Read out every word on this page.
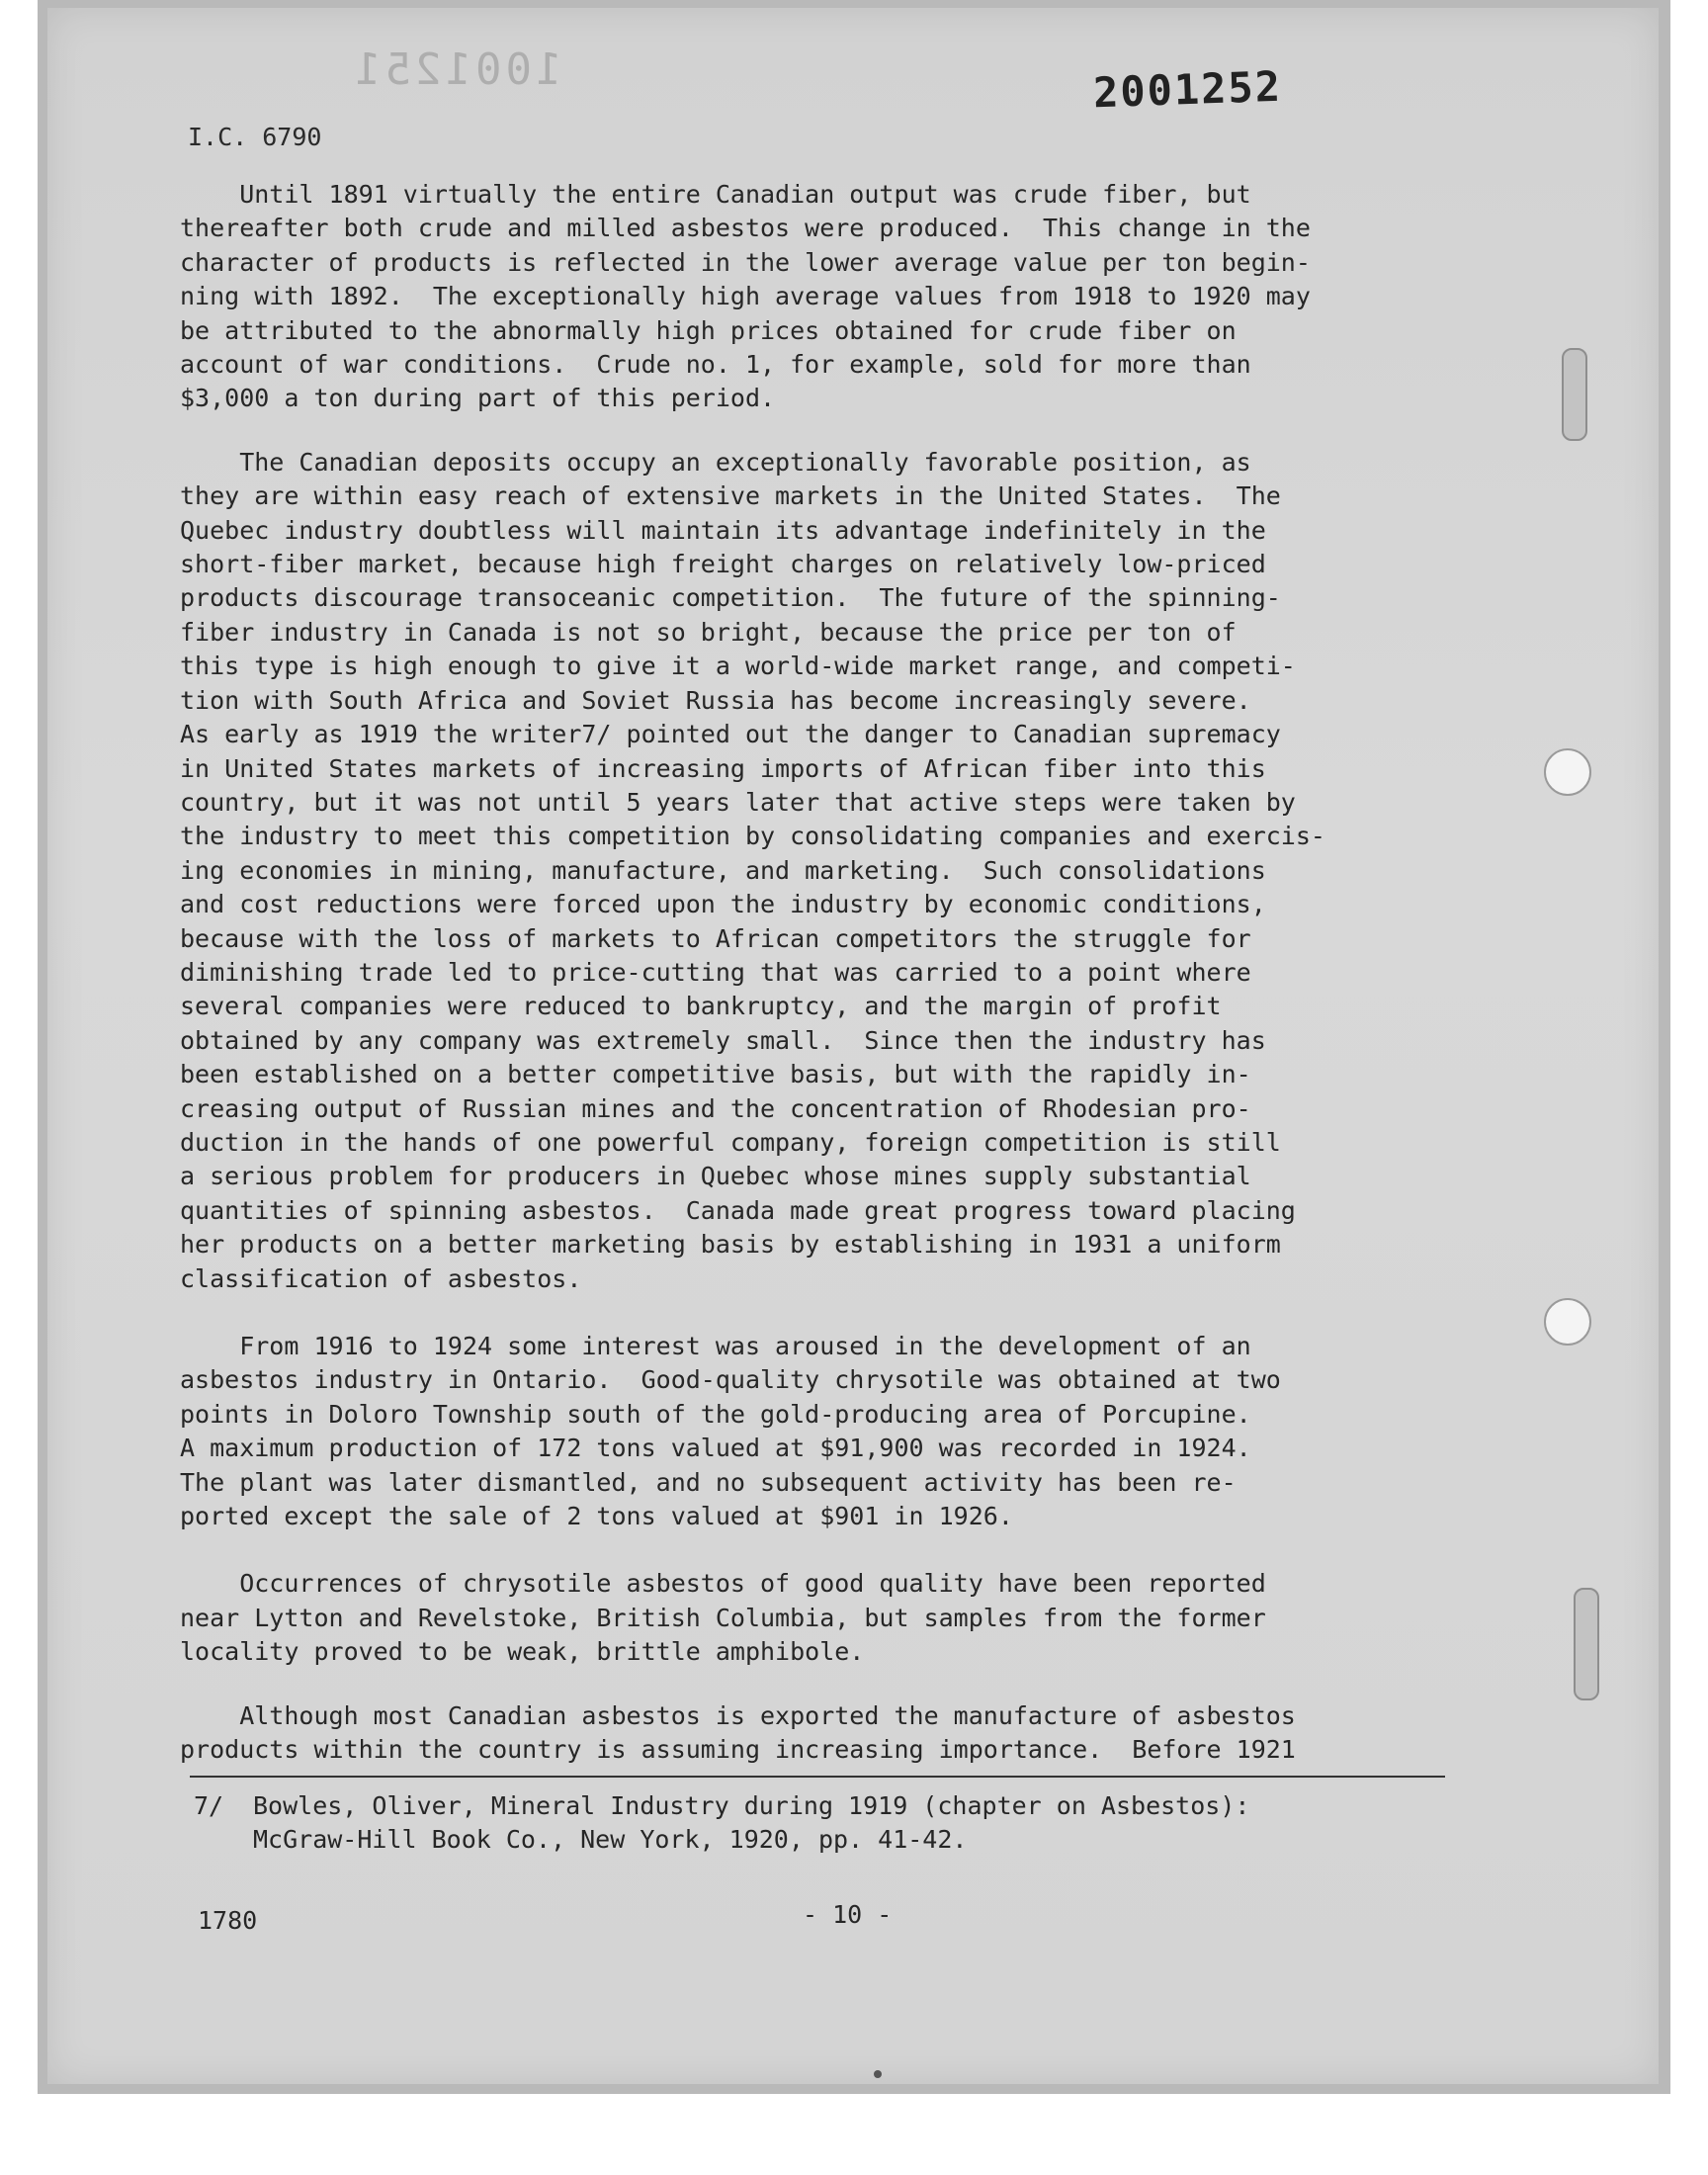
1001251	2001252
I.C. 6790
Until 1891 virtually the entire Canadian output was crude fiber, but
thereafter both crude and milled asbestos were produced.  This change in the
character of products is reflected in the lower average value per ton begin-
ning with 1892.  The exceptionally high average values from 1918 to 1920 may
be attributed to the abnormally high prices obtained for crude fiber on
account of war conditions.  Crude no. 1, for example, sold for more than
$3,000 a ton during part of this period.
The Canadian deposits occupy an exceptionally favorable position, as
they are within easy reach of extensive markets in the United States.  The
Quebec industry doubtless will maintain its advantage indefinitely in the
short-fiber market, because high freight charges on relatively low-priced
products discourage transoceanic competition.  The future of the spinning-
fiber industry in Canada is not so bright, because the price per ton of
this type is high enough to give it a world-wide market range, and competi-
tion with South Africa and Soviet Russia has become increasingly severe.
As early as 1919 the writer7/ pointed out the danger to Canadian supremacy
in United States markets of increasing imports of African fiber into this
country, but it was not until 5 years later that active steps were taken by
the industry to meet this competition by consolidating companies and exercis-
ing economies in mining, manufacture, and marketing.  Such consolidations
and cost reductions were forced upon the industry by economic conditions,
because with the loss of markets to African competitors the struggle for
diminishing trade led to price-cutting that was carried to a point where
several companies were reduced to bankruptcy, and the margin of profit
obtained by any company was extremely small.  Since then the industry has
been established on a better competitive basis, but with the rapidly in-
creasing output of Russian mines and the concentration of Rhodesian pro-
duction in the hands of one powerful company, foreign competition is still
a serious problem for producers in Quebec whose mines supply substantial
quantities of spinning asbestos.  Canada made great progress toward placing
her products on a better marketing basis by establishing in 1931 a uniform
classification of asbestos.
From 1916 to 1924 some interest was aroused in the development of an
asbestos industry in Ontario.  Good-quality chrysotile was obtained at two
points in Doloro Township south of the gold-producing area of Porcupine.
A maximum production of 172 tons valued at $91,900 was recorded in 1924.
The plant was later dismantled, and no subsequent activity has been re-
ported except the sale of 2 tons valued at $901 in 1926.
Occurrences of chrysotile asbestos of good quality have been reported
near Lytton and Revelstoke, British Columbia, but samples from the former
locality proved to be weak, brittle amphibole.
Although most Canadian asbestos is exported the manufacture of asbestos
products within the country is assuming increasing importance.  Before 1921
7/ Bowles, Oliver, Mineral Industry during 1919 (chapter on Asbestos):
McGraw-Hill Book Co., New York, 1920, pp. 41-42.
1780	- 10 -
